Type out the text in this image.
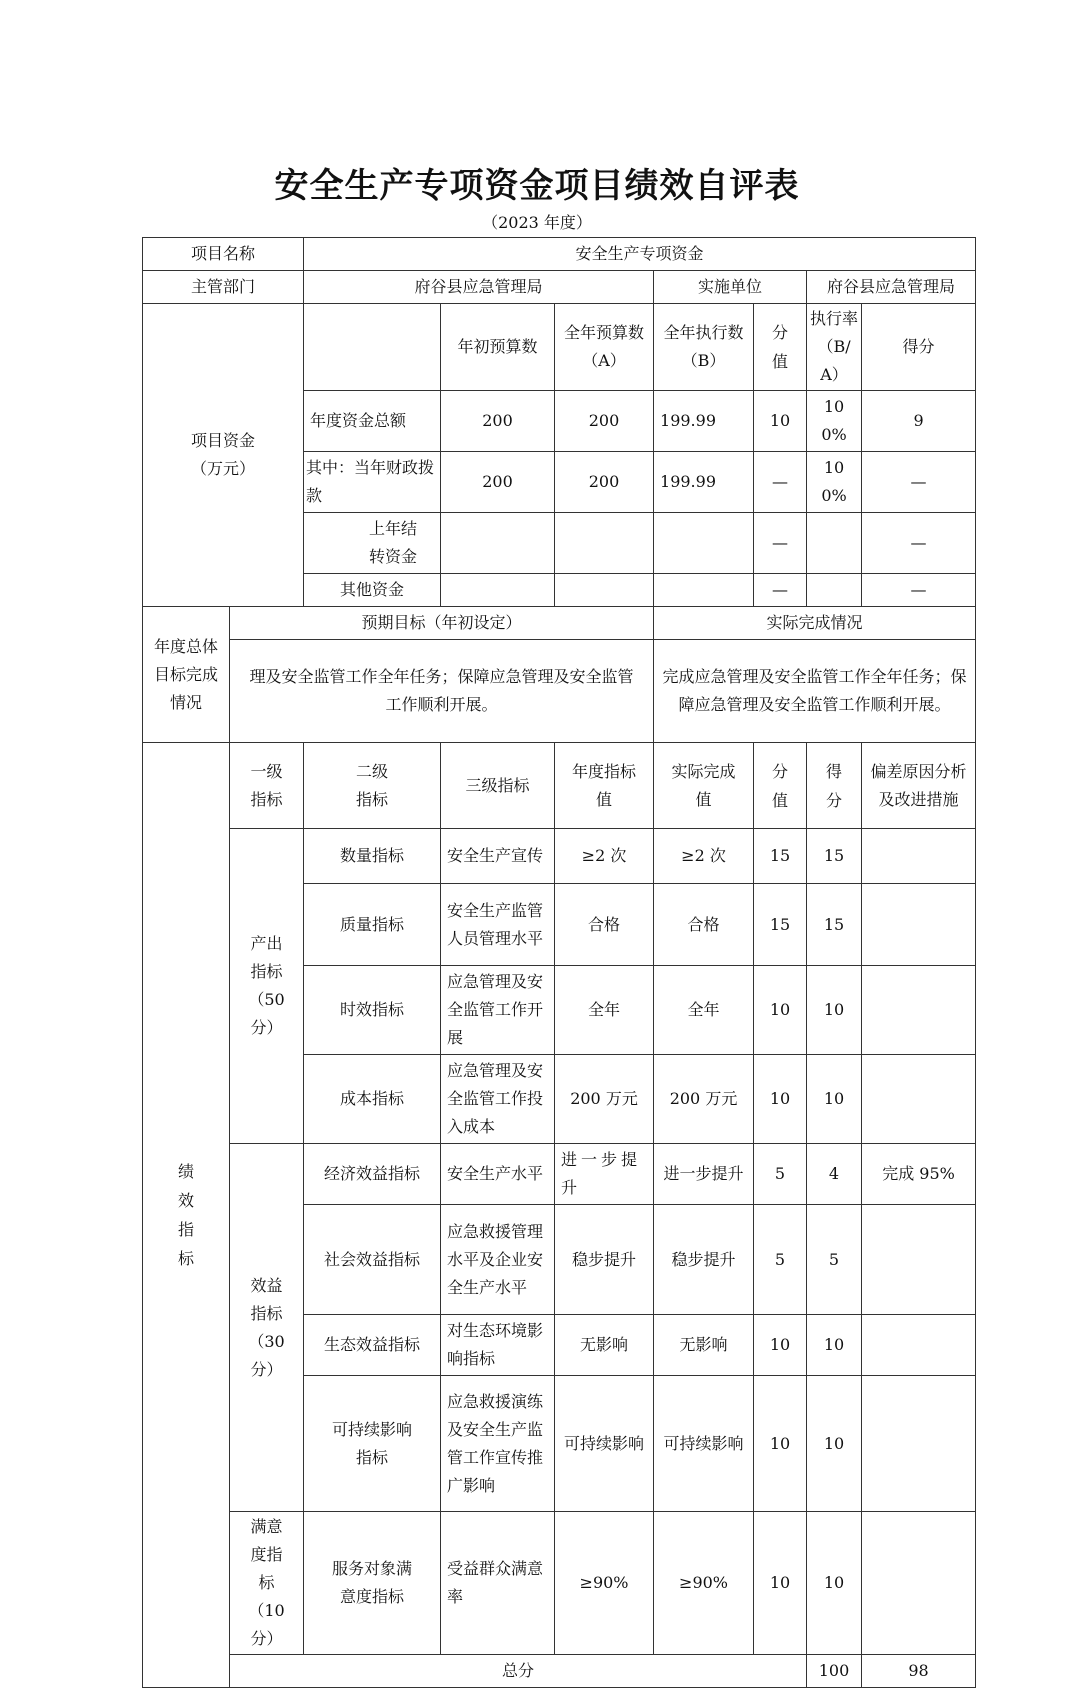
安全生产专项资金项目绩效自评表
（2023 年度）
项目名称		安全生产专项资金							
主管部门		府谷县应急管理局			实施单位		府谷县应急管理局		
项目资金（万元）			年初预算数	全年预算数（A）	全年执行数（B）	分值	执行率（B/A）	得分	
		年度资金总额	200	200	199.99	10	100%	9	
		其中：当年财政拨款	200	200	199.99	—	100%	—	
		上年结转资金				—		—	
		其他资金				—		—	
年度总体目标完成情况	预期目标（年初设定）				实际完成情况				
	理及安全监管工作全年任务；保障应急管理及安全监管工作顺利开展。				完成应急管理及安全监管工作全年任务；保障应急管理及安全监管工作顺利开展。				
绩效指标	一级指标	二级指标	三级指标	年度指标值	实际完成值	分值	得分	偏差原因分析及改进措施	
	产出指标（50分）	数量指标	安全生产宣传	≥2 次	≥2 次	15	15		
		质量指标	安全生产监管人员管理水平	合格	合格	15	15		
		时效指标	应急管理及安全监管工作开展	全年	全年	10	10		
		成本指标	应急管理及安全监管工作投入成本	200 万元	200 万元	10	10		
	效益指标（30分）	经济效益指标	安全生产水平	进一步提升	进一步提升	5	4	完成 95%	
		社会效益指标	应急救援管理水平及企业安全生产水平	稳步提升	稳步提升	5	5		
		生态效益指标	对生态环境影响指标	无影响	无影响	10	10		
		可持续影响指标	应急救援演练及安全生产监管工作宣传推广影响	可持续影响	可持续影响	10	10		
	满意度指标（10分）	服务对象满意度指标	受益群众满意率	≥90%	≥90%	10	10		
	总分						100	98	
